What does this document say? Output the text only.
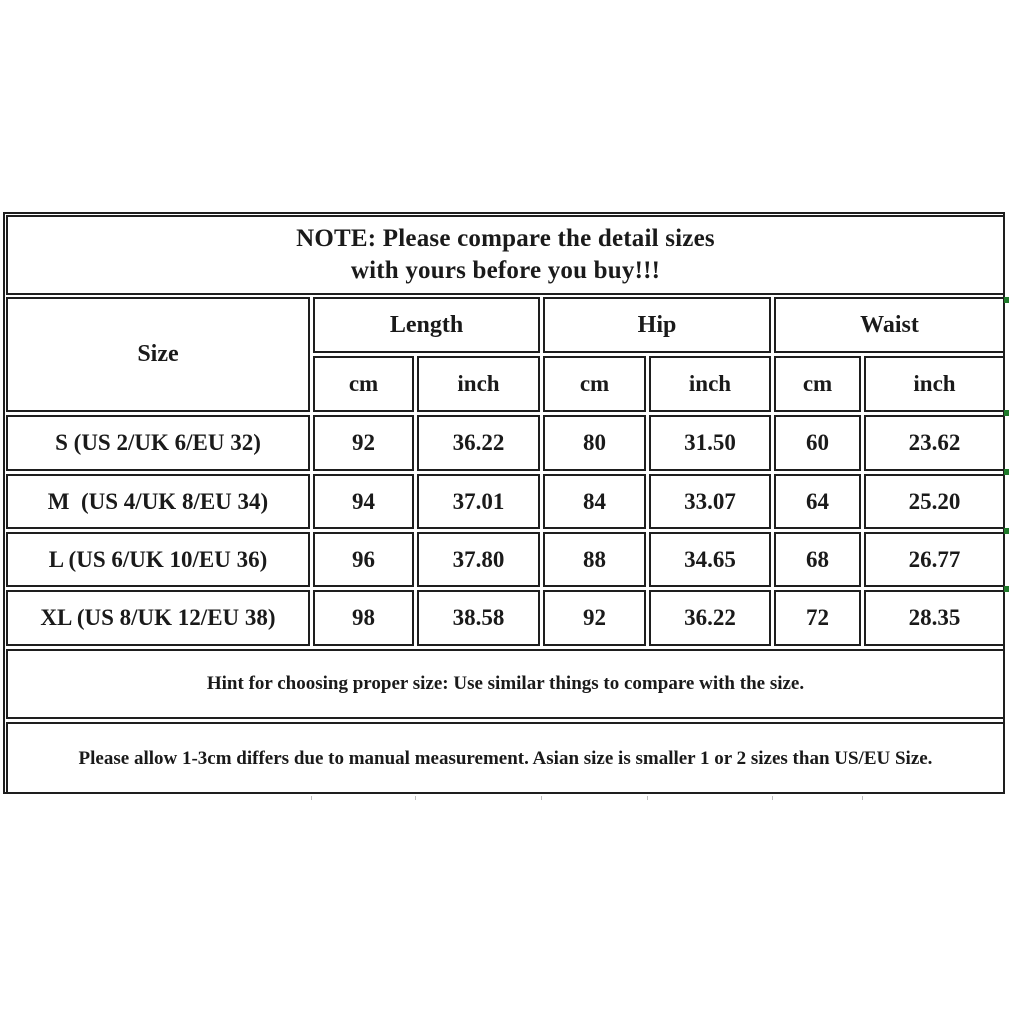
NOTE: Please compare the detail sizes
with yours before you buy!!!
Size
Length	Hip	Waist
cm	inch	cm	inch	cm	inch
S (US 2/UK 6/EU 32)	92	36.22	80	31.50	60	23.62
M  (US 4/UK 8/EU 34)	94	37.01	84	33.07	64	25.20
L (US 6/UK 10/EU 36)	96	37.80	88	34.65	68	26.77
XL (US 8/UK 12/EU 38)	98	38.58	92	36.22	72	28.35
Hint for choosing proper size: Use similar things to compare with the size.
Please allow 1-3cm differs due to manual measurement. Asian size is smaller 1 or 2 sizes than US/EU Size.
